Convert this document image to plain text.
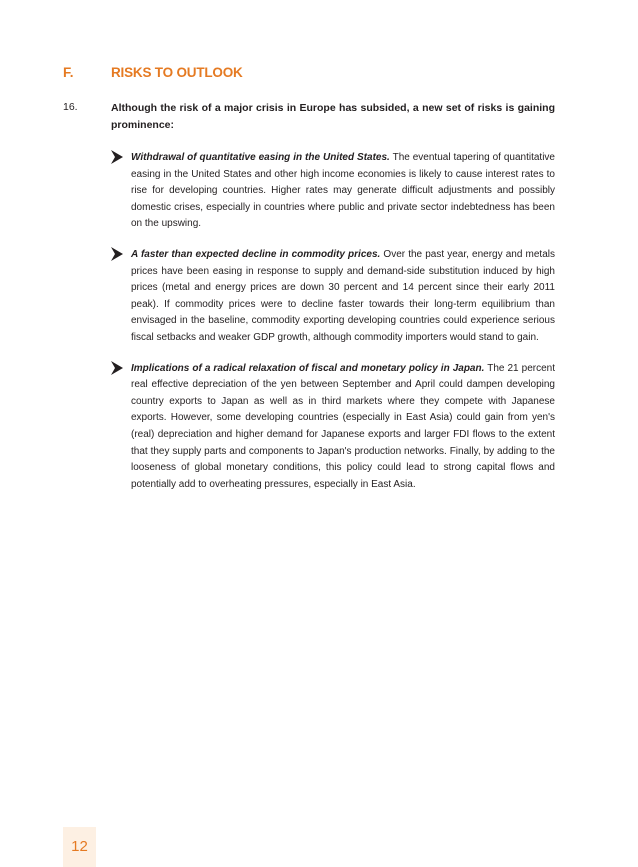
F.	RISKS TO OUTLOOK
16.	Although the risk of a major crisis in Europe has subsided, a new set of risks is gaining prominence:
Withdrawal of quantitative easing in the United States. The eventual tapering of quantitative easing in the United States and other high income economies is likely to cause interest rates to rise for developing countries. Higher rates may generate difficult adjustments and possibly domestic crises, especially in countries where public and private sector indebtedness has been on the upswing.
A faster than expected decline in commodity prices. Over the past year, energy and metals prices have been easing in response to supply and demand-side substitution induced by high prices (metal and energy prices are down 30 percent and 14 percent since their early 2011 peak). If commodity prices were to decline faster towards their long-term equilibrium than envisaged in the baseline, commodity exporting developing countries could experience serious fiscal setbacks and weaker GDP growth, although commodity importers would stand to gain.
Implications of a radical relaxation of fiscal and monetary policy in Japan. The 21 percent real effective depreciation of the yen between September and April could dampen developing country exports to Japan as well as in third markets where they compete with Japanese exports. However, some developing countries (especially in East Asia) could gain from yen's (real) depreciation and higher demand for Japanese exports and larger FDI flows to the extent that they supply parts and components to Japan's production networks. Finally, by adding to the looseness of global monetary conditions, this policy could lead to strong capital flows and potentially add to overheating pressures, especially in East Asia.
12
